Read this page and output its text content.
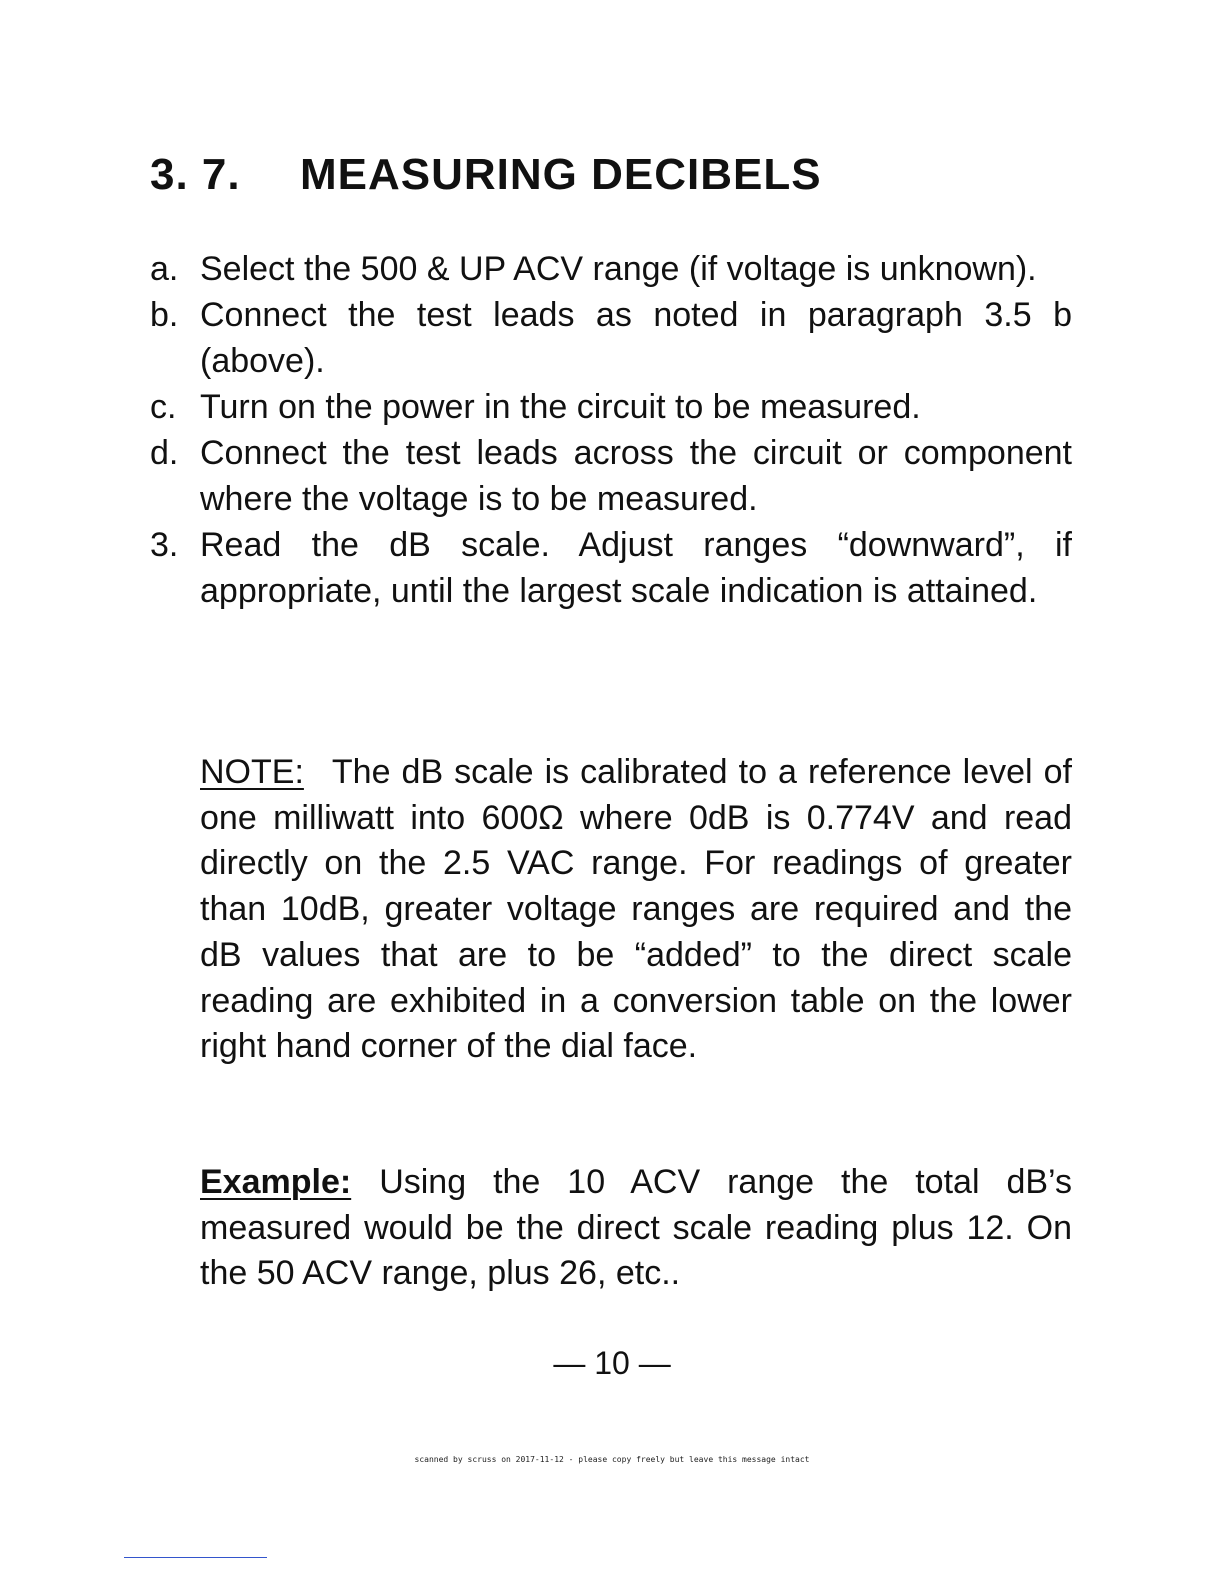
3. 7. MEASURING DECIBELS
a. Select the 500 & UP ACV range (if voltage is unknown).
b. Connect the test leads as noted in paragraph 3.5 b (above).
c. Turn on the power in the circuit to be measured.
d. Connect the test leads across the circuit or component where the voltage is to be measured.
3. Read the dB scale. Adjust ranges “downward”, if appropriate, until the largest scale indication is attained.

NOTE: The dB scale is calibrated to a reference level of one milliwatt into 600Ω where 0dB is 0.774V and read directly on the 2.5 VAC range. For readings of greater than 10dB, greater voltage ranges are required and the dB values that are to be “added” to the direct scale reading are exhibited in a conversion table on the lower right hand corner of the dial face.

Example: Using the 10 ACV range the total dB’s measured would be the direct scale reading plus 12. On the 50 ACV range, plus 26, etc..

— 10 —
scanned by scruss on 2017-11-12 - please copy freely but leave this message intact
